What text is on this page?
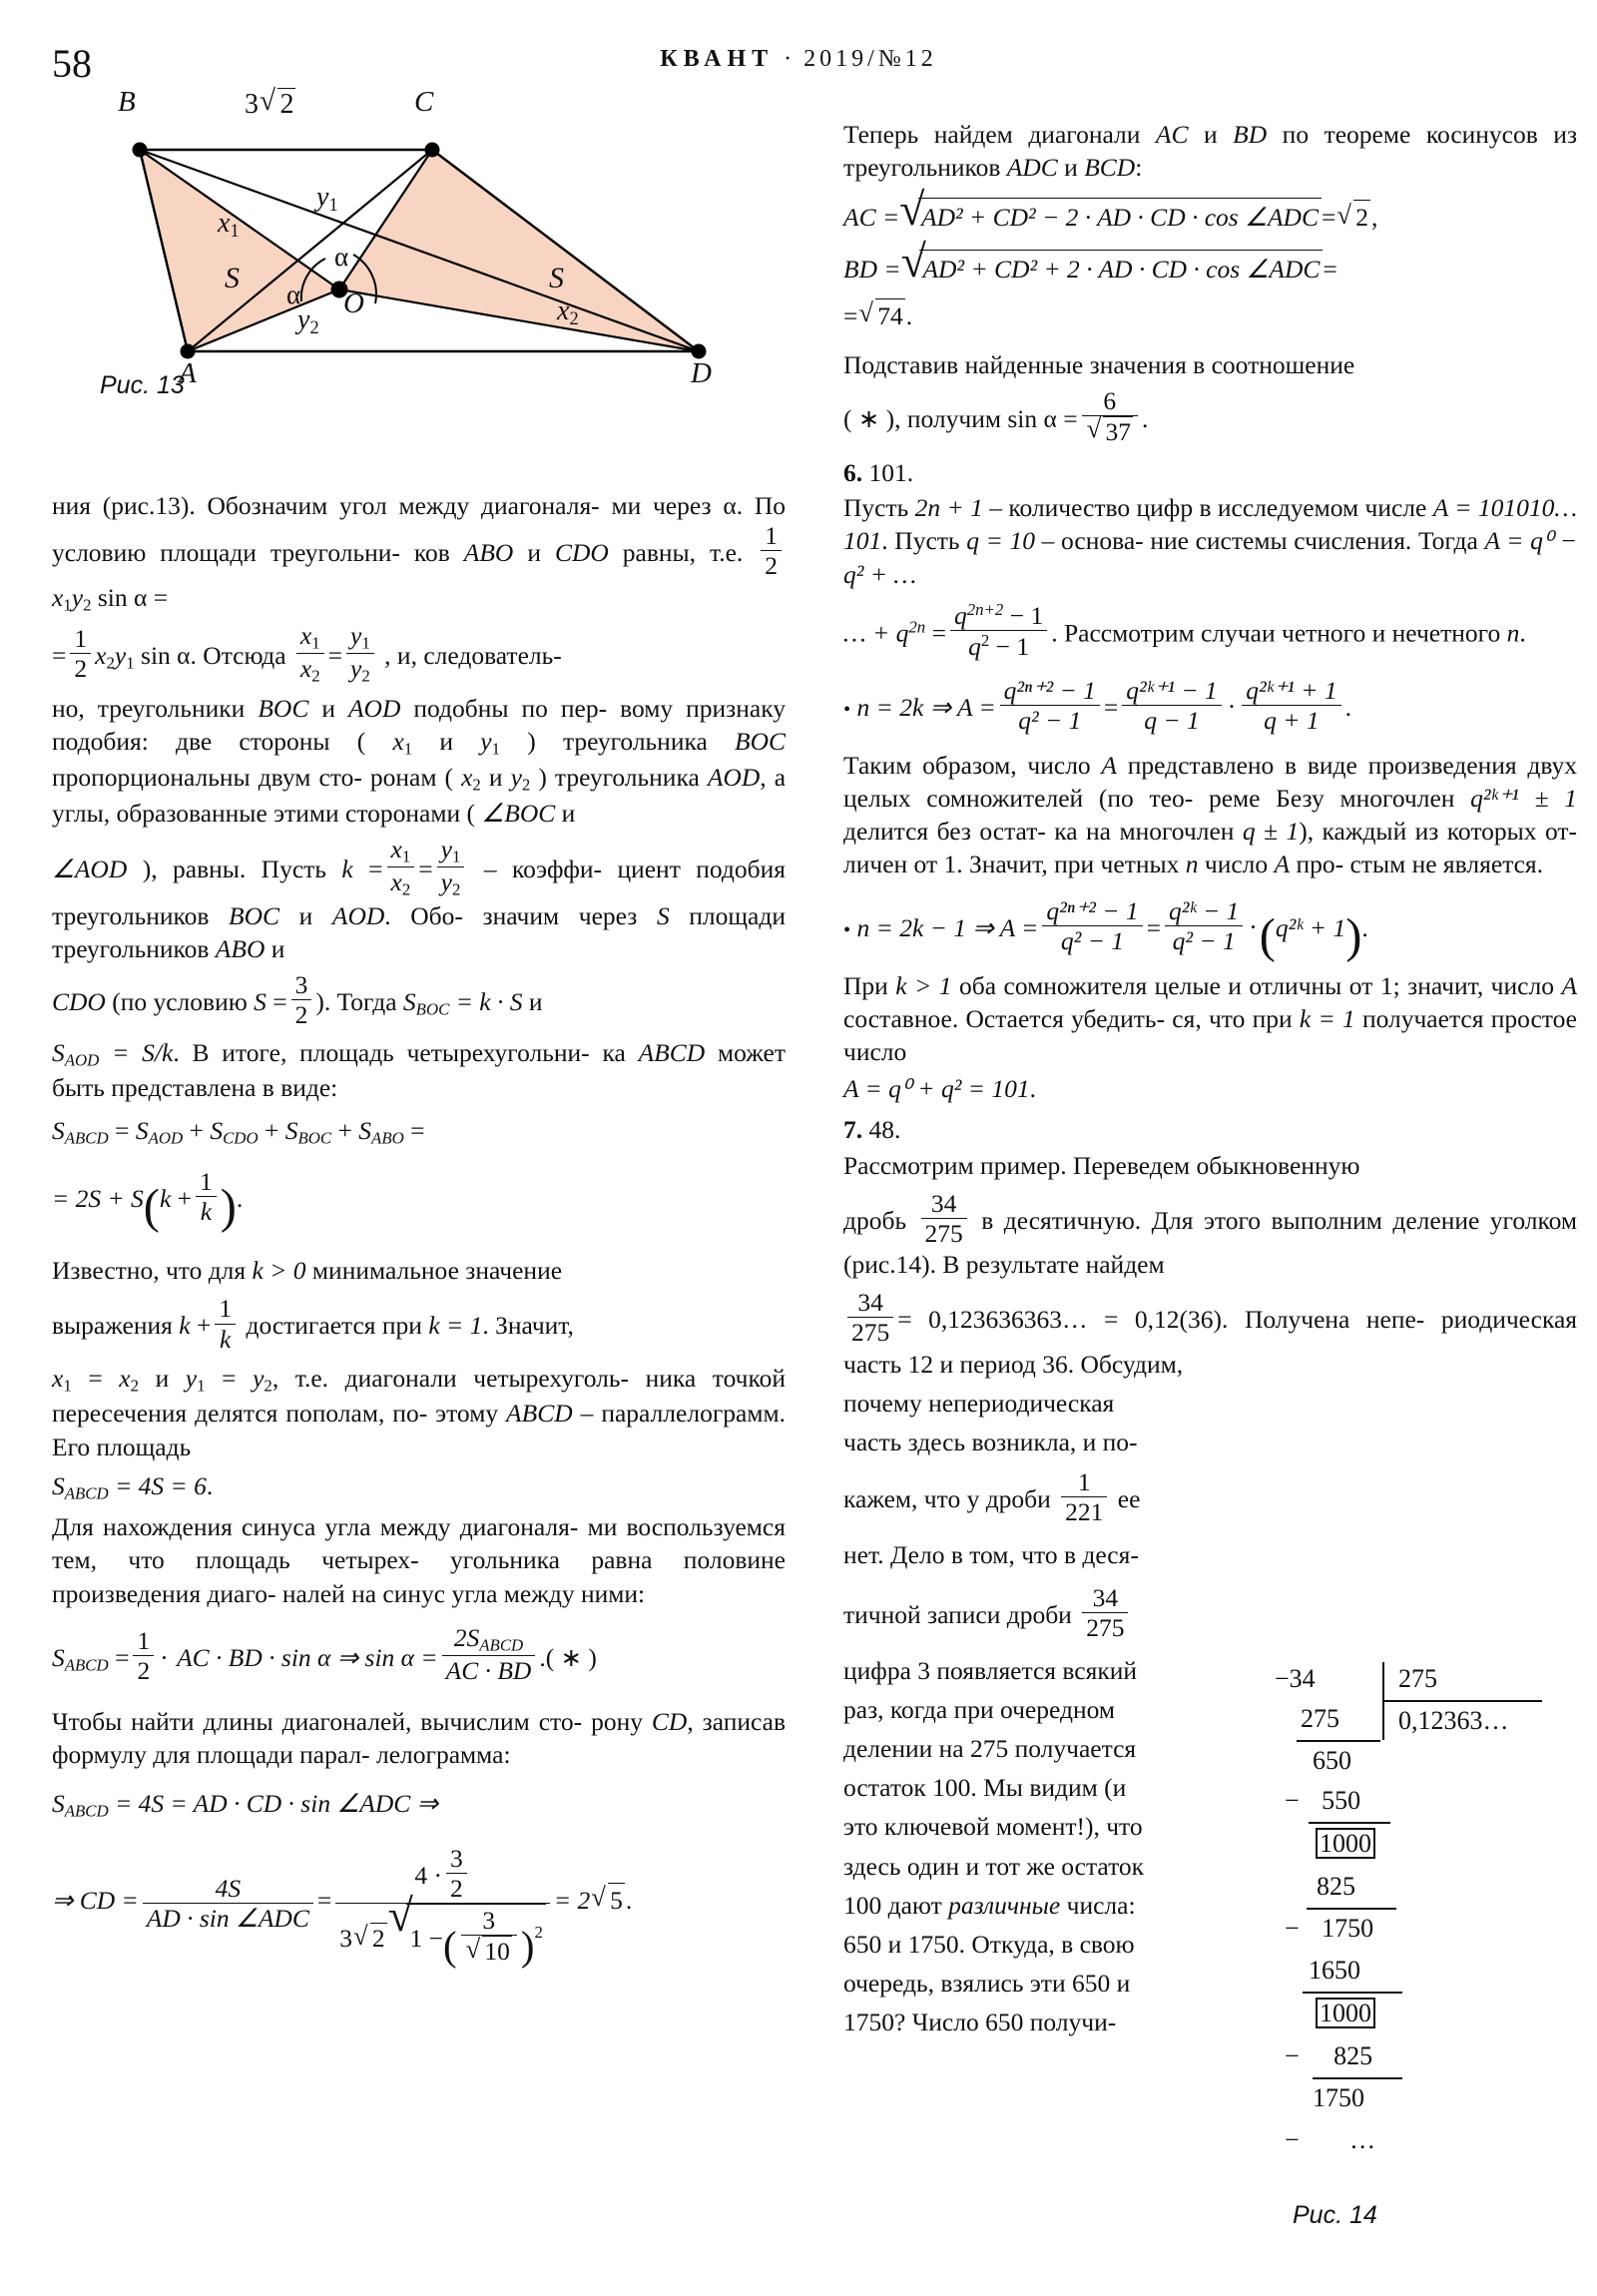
58	КВАНТ · 2019/№12
B	C
A	D
O
3 √ 2
$x_1$
$y_1$
$y_2$
$x_2$
S	S
α
α
Рис. 13
ния (рис.13). Обозначим угол между диагоналя- ми через α. По условию площади треугольни- ков ABO и CDO равны, т.е. $\frac{1}{2}$
$x_1y_2$ sin α =
= $\frac{1}{2} x_2y_1$ sin α. Отсюда $\frac{x_1}{x_2} = \frac{y_1}{y_2}$ , и, следователь-
но, треугольники BOC и AOD подобны по пер- вому признаку подобия: две стороны ( $x_1$ и $y_1$ ) треугольника BOC пропорциональны двум сто- ронам ( $x_2$ и $y_2$ ) треугольника AOD, а углы, образованные этими сторонами ( ∠BOC и
∠AOD ), равны. Пусть $k = \frac{x_1}{x_2} = \frac{y_1}{y_2}$ – коэффи- циент подобия треугольников BOC и AOD. Обо- значим через S площади треугольников ABO и
CDO (по условию $S = \frac{3}{2}$ ). Тогда $S_{BOC} = k \cdot S$ и
$S_{AOD} = S/k$. В итоге, площадь четырехугольни- ка ABCD может быть представлена в виде:
$S_{ABCD} = S_{AOD} + S_{CDO} + S_{BOC} + S_{ABO}$ =
= $2S + S(k + \frac{1}{k}$ ).
Известно, что для k > 0 минимальное значение
выражения $k + \frac{1}{k}$ достигается при k = 1. Значит,
$x_1 = x_2$ и $y_1 = y_2$, т.е. диагонали четырехуголь- ника точкой пересечения делятся пополам, по- этому ABCD – параллелограмм. Его площадь
$S_{ABCD} = 4S = 6$.
Для нахождения синуса угла между диагоналя- ми воспользуемся тем, что площадь четырех- угольника равна половине произведения диаго- налей на синус угла между ними:
$S_{ABCD} = \frac{1}{2}$ · AC · BD · sin α ⇒ $\sin \alpha = \frac{2S_{ABCD}}{AC \cdot BD}$ .( ∗ )
Чтобы найти длины диагоналей, вычислим сто- рону CD, записав формулу для площади парал- лелограмма:
$S_{ABCD} = 4S$ = AD · CD · sin ∠ADC ⇒
⇒ CD = $\frac{4S}{\text{AD · sin ∠ADC}} = 4 \cdot \frac{3}{2}$
3 √ 2 √ 1 −( 3
√ 10 )$^2$ = 2 √ 5 .
Теперь найдем диагонали AC и BD по теореме косинусов из треугольников ADC и BCD:
AC = √ AD² + CD² − 2 · AD · CD · cos ∠ADC = √ 2 ,
BD = √ AD² + CD² + 2 · AD · CD · cos ∠ADC =
= √ 74 .
Подставив найденные значения в соотношение
( ∗ ), получим sin α = 6
√ 37 .
6. 101.
Пусть 2n + 1 – количество цифр в исследуемом числе A = 101010…101. Пусть q = 10 – основа- ние системы счисления. Тогда A = q⁰ − q² + …
… + $q^{2n} = \frac{q^{2n+2} - 1}{q^2 - 1}$ . Рассмотрим случаи четного и нечетного n.
• n = 2k ⇒ $A = \frac{\text{q²ⁿ⁺² − 1}}{\text{q² − 1}} = \frac{\text{q²ᵏ⁺¹ − 1}}{q - 1} \cdot \frac{\text{q²ᵏ⁺¹ + 1}}{q + 1}$ .
Таким образом, число A представлено в виде произведения двух целых сомножителей (по тео- реме Безу многочлен q²ᵏ⁺¹ ± 1 делится без остат- ка на многочлен q ± 1), каждый из которых от- личен от 1. Значит, при четных n число A про- стым не является.
• n = 2k − 1 ⇒ $A = \frac{\text{q²ⁿ⁺² − 1}}{\text{q² − 1}} = \frac{\text{q²ᵏ − 1}}{\text{q² − 1}}$ ·(q²ᵏ + 1).
При k > 1 оба сомножителя целые и отличны от 1; значит, число A составное. Остается убедить- ся, что при k = 1 получается простое число
A = q⁰ + q² = 101.
7. 48.
Рассмотрим пример. Переведем обыкновенную
дробь $\frac{34}{275}$ в десятичную. Для этого выполним деление уголком (рис.14). В результате найдем
$\frac{34}{275}$ = 0,123636363… = 0,12(36). Получена непе- риодическая часть 12 и период 36. Обсудим,
почему непериодическая
часть здесь возникла, и по-
кажем, что у дроби $\frac{1}{221}$ ее
нет. Дело в том, что в деся-
тичной записи дроби $\frac{34}{275}$
цифра 3 появляется всякий
раз, когда при очередном
делении на 275 получается
остаток 100. Мы видим (и
это ключевой момент!), что
здесь один и тот же остаток
100 дают различные числа:
650 и 1750. Откуда, в свою
очередь, взялись эти 650 и
1750? Число 650 получи-
−34	275
0,12363…
275
650
− 550
1000
825
− 1750
1650
1000
− 825
1750
− …
Рис. 14
